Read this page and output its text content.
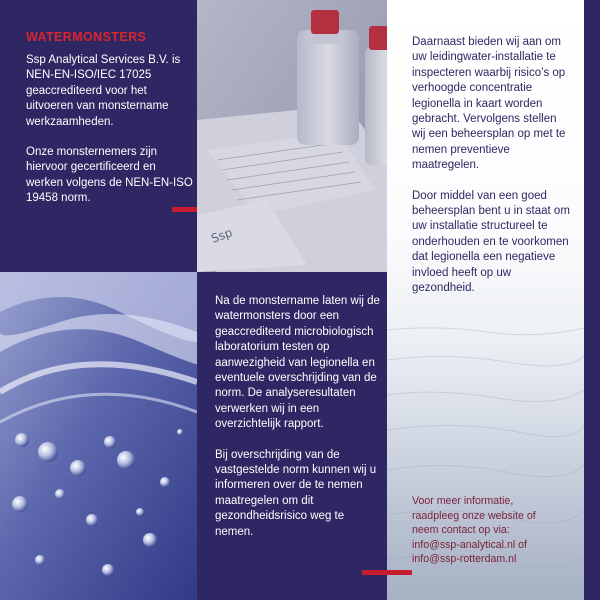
WATERMONSTERS

Ssp Analytical Services B.V. is NEN-EN-ISO/IEC 17025 geaccrediteerd voor het uitvoeren van monstername werkzaamheden.

Onze monsternemers zijn hiervoor gecertificeerd en werken volgens de NEN-EN-ISO 19458 norm.

Ssp

Daarnaast bieden wij aan om uw leidingwater-installatie te inspecteren waarbij risico’s op verhoogde concentratie legionella in kaart worden gebracht. Vervolgens stellen wij een beheersplan op met te nemen preventieve maatregelen.

Door middel van een goed beheersplan bent u in staat om uw installatie structureel te onderhouden en te voorkomen dat legionella een negatieve invloed heeft op uw gezondheid.

Voor meer informatie,
raadpleeg onze website of
neem contact op via:
info@ssp-analytical.nl of
info@ssp-rotterdam.nl

Na de monstername laten wij de watermonsters door een geaccrediteerd microbiologisch laboratorium testen op aanwezigheid van legionella en eventuele overschrijding van de norm. De analyseresultaten verwerken wij in een overzichtelijk rapport.

Bij overschrijding van de vastgestelde norm kunnen wij u informeren over de te nemen maatregelen om dit gezondheidsrisico weg te nemen.
